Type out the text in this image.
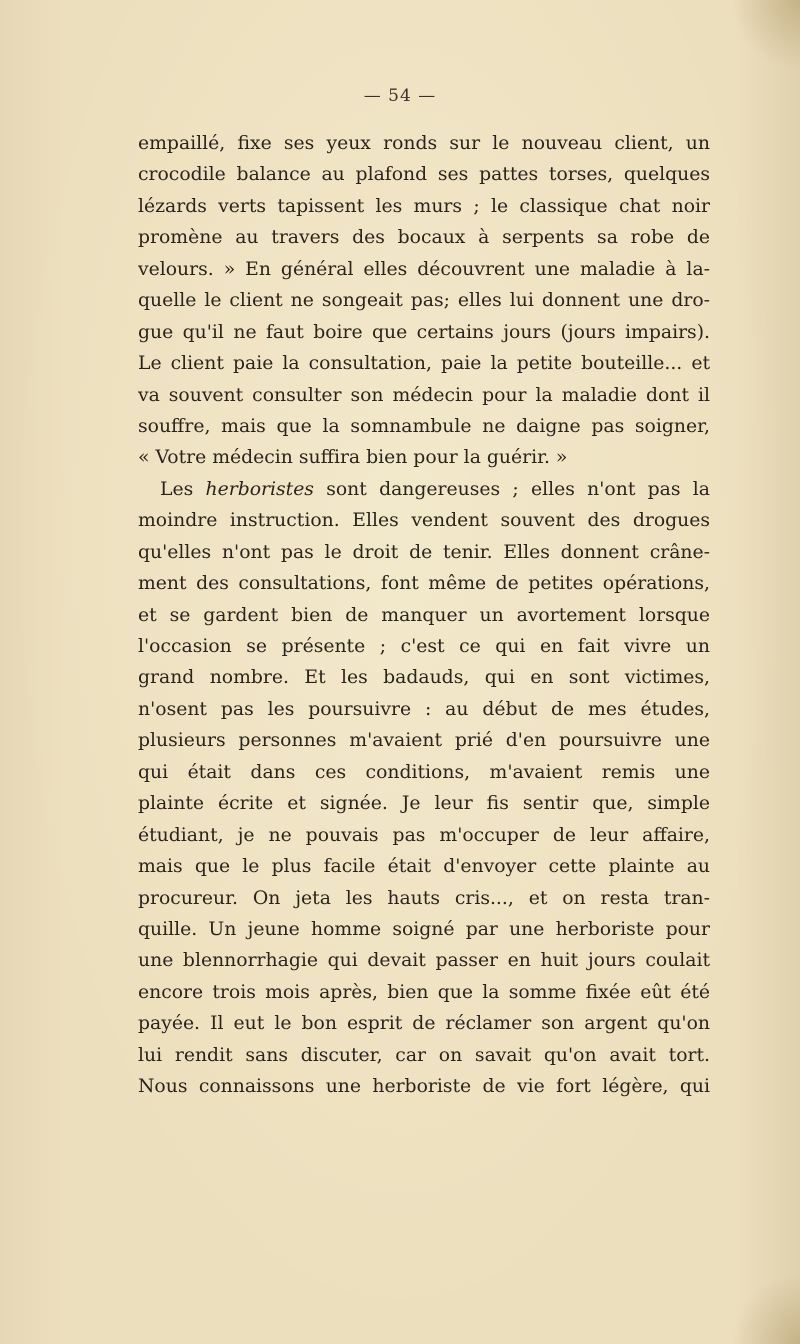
— 54 —
empaillé, fixe ses yeux ronds sur le nouveau client, un
crocodile balance au plafond ses pattes torses, quelques
lézards verts tapissent les murs ; le classique chat noir
promène au travers des bocaux à serpents sa robe de
velours. » En général elles découvrent une maladie à la-
quelle le client ne songeait pas; elles lui donnent une dro-
gue qu'il ne faut boire que certains jours (jours impairs).
Le client paie la consultation, paie la petite bouteille... et
va souvent consulter son médecin pour la maladie dont il
souffre, mais que la somnambule ne daigne pas soigner,
« Votre médecin suffira bien pour la guérir. »
Les herboristes sont dangereuses ; elles n'ont pas la
moindre instruction. Elles vendent souvent des drogues
qu'elles n'ont pas le droit de tenir. Elles donnent crâne-
ment des consultations, font même de petites opérations,
et se gardent bien de manquer un avortement lorsque
l'occasion se présente ; c'est ce qui en fait vivre un
grand nombre. Et les badauds, qui en sont victimes,
n'osent pas les poursuivre : au début de mes études,
plusieurs personnes m'avaient prié d'en poursuivre une
qui était dans ces conditions, m'avaient remis une
plainte écrite et signée. Je leur fis sentir que, simple
étudiant, je ne pouvais pas m'occuper de leur affaire,
mais que le plus facile était d'envoyer cette plainte au
procureur. On jeta les hauts cris..., et on resta tran-
quille. Un jeune homme soigné par une herboriste pour
une blennorrhagie qui devait passer en huit jours coulait
encore trois mois après, bien que la somme fixée eût été
payée. Il eut le bon esprit de réclamer son argent qu'on
lui rendit sans discuter, car on savait qu'on avait tort.
Nous connaissons une herboriste de vie fort légère, qui
